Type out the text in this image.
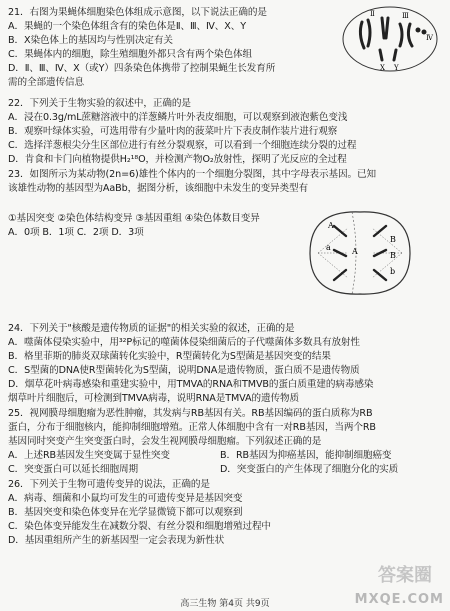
21．右图为果蝇体细胞染色体组成示意图，以下说法正确的是
A．果蝇的一个染色体组含有的染色体是Ⅱ、Ⅲ、Ⅳ、X、Y
B．X染色体上的基因均与性别决定有关
C．果蝇体内的细胞，除生殖细胞外都只含有两个染色体组
D．Ⅱ、Ⅲ、Ⅳ、X（或Y）四条染色体携带了控制果蝇生长发育所
需的全部遗传信息
Ⅱ	Ⅲ
Ⅳ
X Y
22．下列关于生物实验的叙述中，正确的是
A．浸在0.3g/mL蔗糖溶液中的洋葱鳞片叶外表皮细胞，可以观察到液泡紫色变浅
B．观察叶绿体实验，可选用带有少量叶肉的菠菜叶片下表皮制作装片进行观察
C．选择洋葱根尖分生区部位进行有丝分裂观察，可以看到一个细胞连续分裂的过程
D．肯食和卡门向植物提供H₂¹⁸O，并检测产物O₂放射性，探明了光反应的全过程
23．如图所示为某动物(2n=6)雄性个体内的一个细胞分裂图，其中字母表示基因。已知
该雄性动物的基因型为AaBb，据图分析，该细胞中未发生的变异类型有
①基因突变 ②染色体结构变异 ③基因重组 ④染色体数目变异
A．0项 B．1项 C．2项 D．3项
A
a	A
B
B
b
24．下列关于"核酸是遗传物质的证据"的相关实验的叙述，正确的是
A．噬菌体侵染实验中，用³²P标记的噬菌体侵染细菌后的子代噬菌体多数具有放射性
B．格里菲斯的肺炎双球菌转化实验中，R型菌转化为S型菌是基因突变的结果
C．S型菌的DNA使R型菌转化为S型菌，说明DNA是遗传物质，蛋白质不是遗传物质
D．烟草花叶病毒感染和重建实验中，用TMVA的RNA和TMVB的蛋白质重建的病毒感染
烟草叶片细胞后，可检测到TMVA病毒，说明RNA是TMVA的遗传物质
25．视网膜母细胞瘤为恶性肿瘤，其发病与RB基因有关。RB基因编码的蛋白质称为RB
蛋白，分布于细胞核内，能抑制细胞增殖。正常人体细胞中含有一对RB基因，当两个RB
基因同时突变产生突变蛋白时，会发生视网膜母细胞瘤。下列叙述正确的是
A．上述RB基因发生突变属于显性突变	B．RB基因为抑癌基因，能抑制细胞癌变
C．突变蛋白可以延长细胞周期	D．突变蛋白的产生体现了细胞分化的实质
26．下列关于生物可遗传变异的说法，正确的是
A．病毒、细菌和小鼠均可发生的可遗传变异是基因突变
B．基因突变和染色体变异在光学显微镜下都可以观察到
C．染色体变异能发生在减数分裂、有丝分裂和细胞增殖过程中
D．基因重组所产生的新基因型一定会表现为新性状
高三生物 第4页 共9页
答案圈
MXQE.COM
